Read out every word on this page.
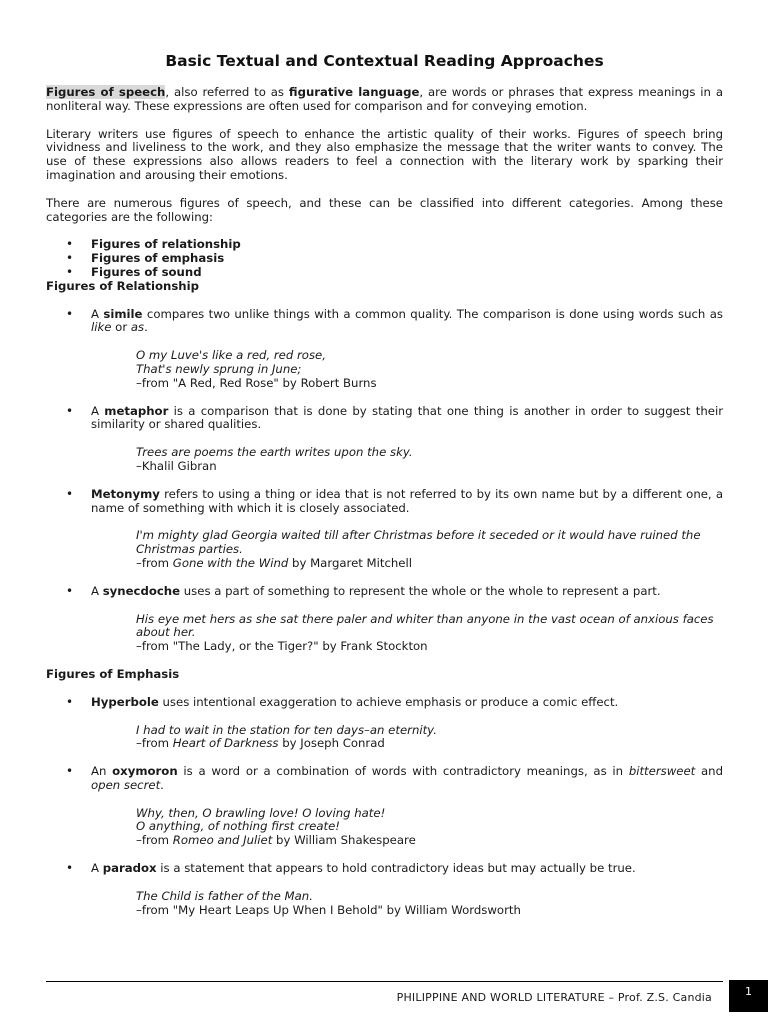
Basic Textual and Contextual Reading Approaches

Figures of speech, also referred to as figurative language, are words or phrases that express meanings in a nonliteral way. These expressions are often used for comparison and for conveying emotion.

Literary writers use figures of speech to enhance the artistic quality of their works. Figures of speech bring vividness and liveliness to the work, and they also emphasize the message that the writer wants to convey. The use of these expressions also allows readers to feel a connection with the literary work by sparking their imagination and arousing their emotions.

There are numerous figures of speech, and these can be classified into different categories. Among these categories are the following:

• Figures of relationship
• Figures of emphasis
• Figures of sound
Figures of Relationship

• A simile compares two unlike things with a common quality. The comparison is done using words such as like or as.

O my Luve's like a red, red rose,

That's newly sprung in June;

–from "A Red, Red Rose" by Robert Burns

• A metaphor is a comparison that is done by stating that one thing is another in order to suggest their similarity or shared qualities.

Trees are poems the earth writes upon the sky.

–Khalil Gibran

• Metonymy refers to using a thing or idea that is not referred to by its own name but by a different one, a name of something with which it is closely associated.

I'm mighty glad Georgia waited till after Christmas before it seceded or it would have ruined the Christmas parties.

–from Gone with the Wind by Margaret Mitchell

• A synecdoche uses a part of something to represent the whole or the whole to represent a part.

His eye met hers as she sat there paler and whiter than anyone in the vast ocean of anxious faces about her.

–from "The Lady, or the Tiger?" by Frank Stockton

Figures of Emphasis

• Hyperbole uses intentional exaggeration to achieve emphasis or produce a comic effect.

I had to wait in the station for ten days–an eternity.

–from Heart of Darkness by Joseph Conrad

• An oxymoron is a word or a combination of words with contradictory meanings, as in bittersweet and open secret.

Why, then, O brawling love! O loving hate!

O anything, of nothing first create!

–from Romeo and Juliet by William Shakespeare

• A paradox is a statement that appears to hold contradictory ideas but may actually be true.

The Child is father of the Man.

–from "My Heart Leaps Up When I Behold" by William Wordsworth

PHILIPPINE AND WORLD LITERATURE – Prof. Z.S. Candia	1
